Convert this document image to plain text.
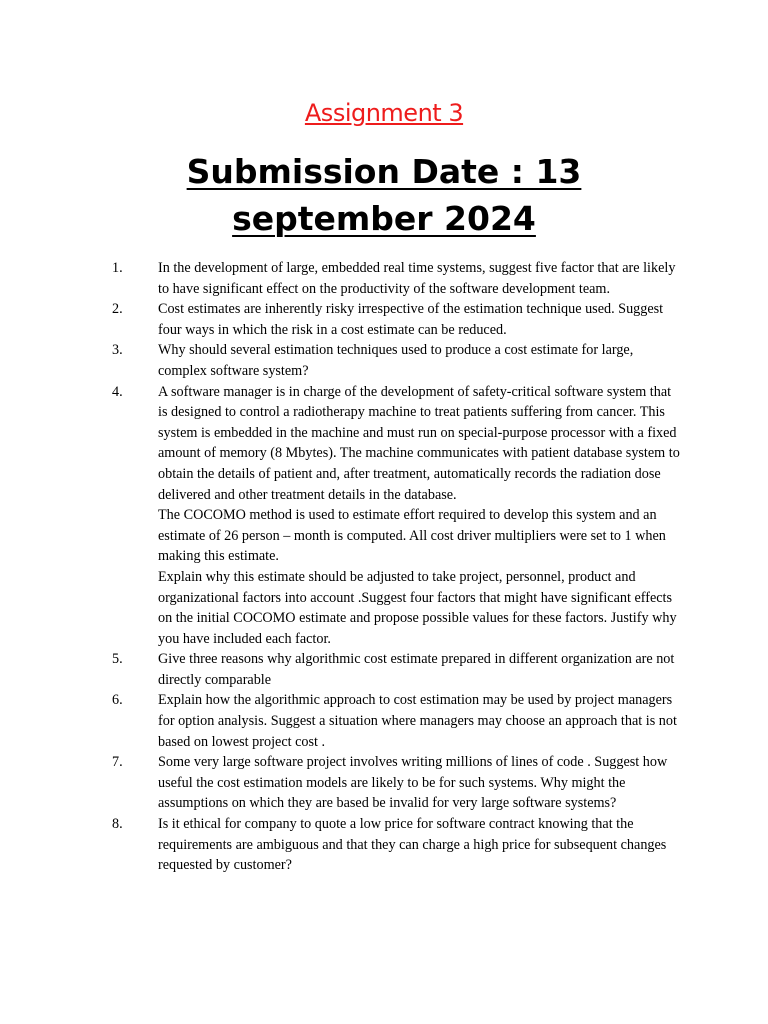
Assignment 3
Submission Date : 13
september 2024
1. In the development of large, embedded real time systems, suggest five factor that are likely to have significant effect on the productivity of the software development team.
2. Cost estimates are inherently risky irrespective of the estimation technique used. Suggest four ways in which the risk in a cost estimate can be reduced.
3. Why should several estimation techniques used to produce a cost estimate for large, complex software system?
4. A software manager is in charge of the development of safety-critical software system that is designed to control a radiotherapy machine to treat patients suffering from cancer. This system is embedded in the machine and must run on special-purpose processor with a fixed amount of memory (8 Mbytes). The machine communicates with patient database system to obtain the details of patient and, after treatment, automatically records the radiation dose delivered and other treatment details in the database.
The COCOMO method is used to estimate effort required to develop this system and an estimate of 26 person – month is computed. All cost driver multipliers were set to 1 when making this estimate.
Explain why this estimate should be adjusted to take project, personnel, product and organizational factors into account .Suggest four factors that might have significant effects on the initial COCOMO estimate and propose possible values for these factors. Justify why you have included each factor.
5. Give three reasons why algorithmic cost estimate prepared in different organization are not directly comparable
6. Explain how the algorithmic approach to cost estimation may be used by project managers for option analysis. Suggest a situation where managers may choose an approach that is not based on lowest project cost .
7. Some very large software project involves writing millions of lines of code . Suggest how useful the cost estimation models are likely to be for such systems. Why might the assumptions on which they are based be invalid for very large software systems?
8. Is it ethical for company to quote a low price for software contract knowing that the requirements are ambiguous and that they can charge a high price for subsequent changes requested by customer?
